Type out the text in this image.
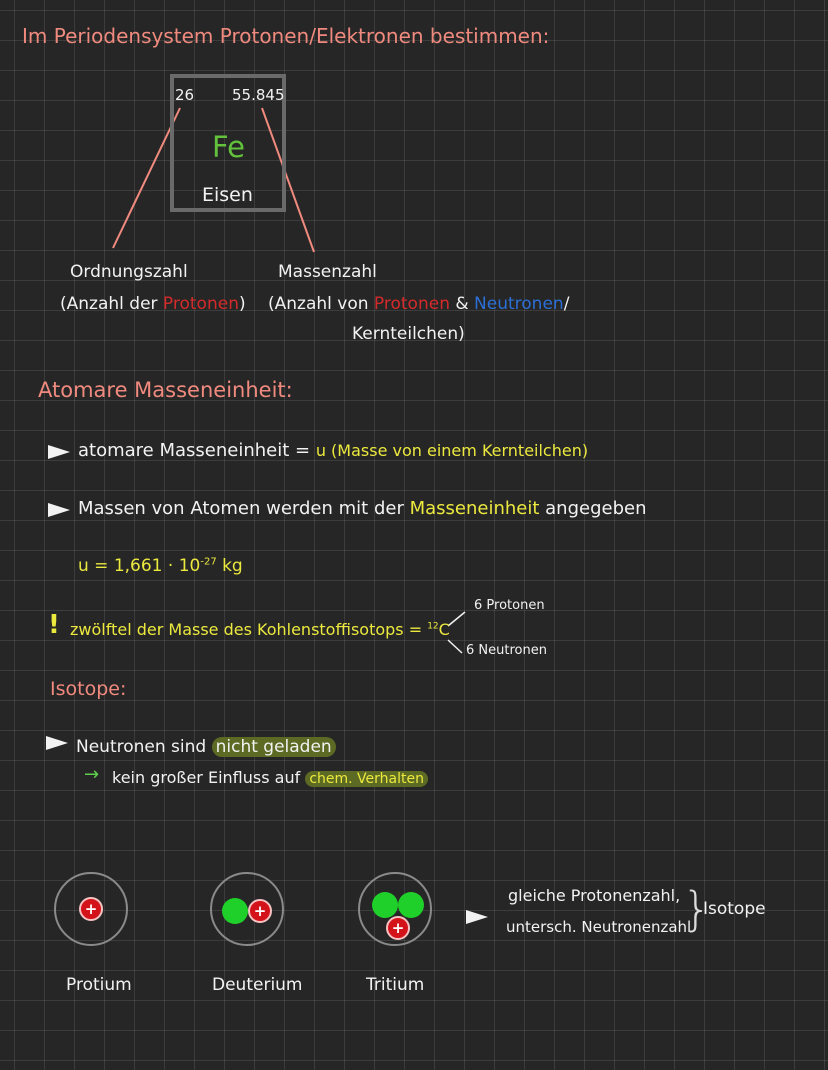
Im Periodensystem Protonen/Elektronen bestimmen:
26	55.845
Fe
Eisen
Ordnungszahl
(Anzahl der Protonen)
Massenzahl
(Anzahl von Protonen & Neutronen/
Kernteilchen)
Atomare Masseneinheit:
atomare Masseneinheit = u (Masse von einem Kernteilchen)
Massen von Atomen werden mit der Masseneinheit angegeben
$u = 1,661 \cdot 10^{-27}$ kg
! zwölftel der Masse des Kohlenstoffisotops = $^{12}$C
6 Protonen
6 Neutronen
Isotope:
Neutronen sind nicht geladen
→ kein großer Einfluss auf chem. Verhalten
+	+
+
Protium	Deuterium	Tritium
gleiche Protonenzahl,
untersch. Neutronenzahl
}
Isotope
